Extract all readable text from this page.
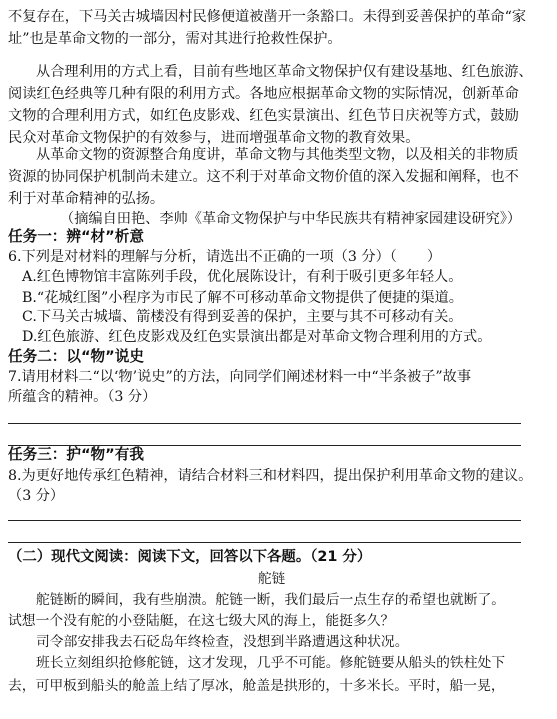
不复存在，下马关古城墙因村民修便道被凿开一条豁口。未得到妥善保护的革命“家
址”也是革命文物的一部分，需对其进行抢救性保护。
从合理利用的方式上看，目前有些地区革命文物保护仅有建设基地、红色旅游、
阅读红色经典等几种有限的利用方式。各地应根据革命文物的实际情况，创新革命
文物的合理利用方式，如红色皮影戏、红色实景演出、红色节日庆祝等方式，鼓励
民众对革命文物保护的有效参与，进而增强革命文物的教育效果。
从革命文物的资源整合角度讲，革命文物与其他类型文物，以及相关的非物质
资源的协同保护机制尚未建立。这不利于对革命文物价值的深入发掘和阐释，也不
利于对革命精神的弘扬。
（摘编自田艳、李帅《革命文物保护与中华民族共有精神家园建设研究》）
任务一：辨“材”析意
6.下列是对材料的理解与分析，请选出不正确的一项（3 分）（ ）
A.红色博物馆丰富陈列手段，优化展陈设计，有利于吸引更多年轻人。
B.“花城红图”小程序为市民了解不可移动革命文物提供了便捷的渠道。
C.下马关古城墙、箭楼没有得到妥善的保护，主要与其不可移动有关。
D.红色旅游、红色皮影戏及红色实景演出都是对革命文物合理利用的方式。
任务二：以“物”说史
7.请用材料二“以‘物’说史”的方法，向同学们阐述材料一中“半条被子”故事
所蕴含的精神。（3 分）
任务三：护“物”有我
8.为更好地传承红色精神，请结合材料三和材料四，提出保护利用革命文物的建议。
（3 分）
（二）现代文阅读：阅读下文，回答以下各题。（21 分）
舵链
舵链断的瞬间，我有些崩溃。舵链一断，我们最后一点生存的希望也就断了。
试想一个没有舵的小登陆艇，在这七级大风的海上，能挺多久？
司令部安排我去石砭岛年终检查，没想到半路遭遇这种状况。
班长立刻组织抢修舵链，这才发现，几乎不可能。修舵链要从船头的铁柱处下
去，可甲板到船头的舱盖上结了厚冰，舱盖是拱形的，十多米长。平时，船一晃，
